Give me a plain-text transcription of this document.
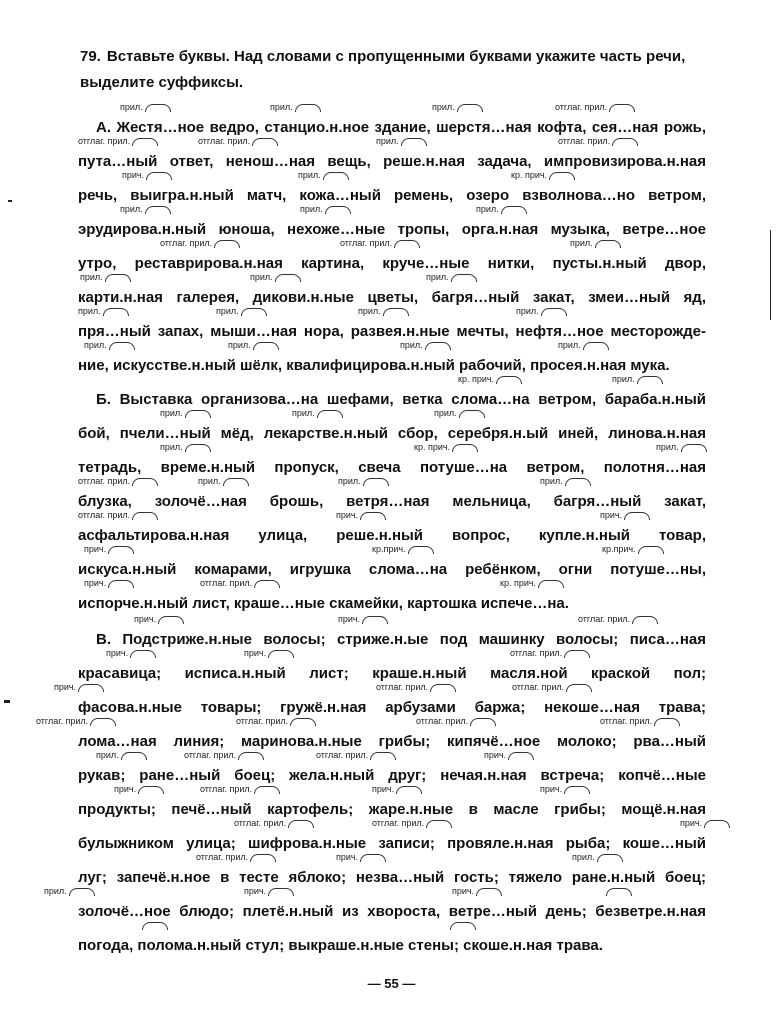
79. Вставьте буквы. Над словами с пропущенными буквами укажите часть речи, выделите суффиксы.
А. Жестя…ное ведро, станцио.н.ное здание, шерстя…ная кофта, сея…ная рожь,
пута…ный ответ, ненош…ная вещь, реше.н.ная задача, импровизирова.н.ная
речь, выигра.н.ный матч, кожа…ный ремень, озеро взволнова…но ветром,
эрудирова.н.ный юноша, нехоже…ные тропы, орга.н.ная музыка, ветре…ное
утро, реставрирова.н.ная картина, круче…ные нитки, пусты.н.ный двор,
карти.н.ная галерея, дикови.н.ные цветы, багря…ный закат, змеи…ный яд,
пря…ный запах, мыши…ная нора, развея.н.ные мечты, нефтя…ное месторожде-
ние, искусстве.н.ный шёлк, квалифицирова.н.ный рабочий, просея.н.ная мука.
Б. Выставка организова…на шефами, ветка слома…на ветром, бараба.н.ный
бой, пчели…ный мёд, лекарстве.н.ный сбор, серебря.н.ый иней, линова.н.ная
тетрадь, време.н.ный пропуск, свеча потуше…на ветром, полотня…ная
блузка, золочё…ная брошь, ветря…ная мельница, багря…ный закат,
асфальтирова.н.ная улица, реше.н.ный вопрос, купле.н.ный товар,
искуса.н.ный комарами, игрушка слома…на ребёнком, огни потуше…ны,
испорче.н.ный лист, краше…ные скамейки, картошка испече…на.
В. Подстриже.н.ные волосы; стриже.н.ые под машинку волосы; писа…ная
красавица; исписа.н.ный лист; краше.н.ный масля.ной краской пол;
фасова.н.ные товары; гружё.н.ная арбузами баржа; некоше…ная трава;
лома…ная линия; маринова.н.ные грибы; кипячё…ное молоко; рва…ный
рукав; ране…ный боец; жела.н.ный друг; нечая.н.ная встреча; копчё…ные
продукты; печё…ный картофель; жаре.н.ные в масле грибы; мощё.н.ная
булыжником улица; шифрова.н.ные записи; провяле.н.ная рыба; коше…ный
луг; запечё.н.ное в тесте яблоко; незва…ный гость; тяжело ране.н.ный боец;
золочё…ное блюдо; плетё.н.ный из хвороста, ветре…ный день; безветре.н.ная
погода, полома.н.ный стул; выкраше.н.ные стены; скоше.н.ная трава.
прил.	прил.	прил.	отглаг. прил.
отглаг. прил.	отглаг. прил.	прил.	отглаг. прил.
прич.	прил.	кр. прич.
прил.	прил.	прил.
отглаг. прил.	отглаг. прил.	прил.
прил.	прил.	прил.
прил.	прил.	прил.	прил.
прил.	прил.	прил.	прил.
кр. прич.	прил.
прил.	прил.	прил.
прил.	кр. прич.	прил.
отглаг. прил.	прил.	прил.	прил.
отглаг. прил.	прич.	прич.
прич.	кр.прич.	кр.прич.
прич.	отглаг. прил.	кр. прич.
прич.	прич.	отглаг. прил.
прич.	прич.	отглаг. прил.
прич.	отглаг. прил.	отглаг. прил.
отглаг. прил.	отглаг. прил.	отглаг. прил.	отглаг. прил.
прил.	отглаг. прил.	отглаг. прил.	прич.
прич.	отглаг. прил.	прич.	прич.
отглаг. прил.	отглаг. прил.	прич.
отглаг. прил.	прич.	прил.
прил.	прич.	прич.
— 55 —
